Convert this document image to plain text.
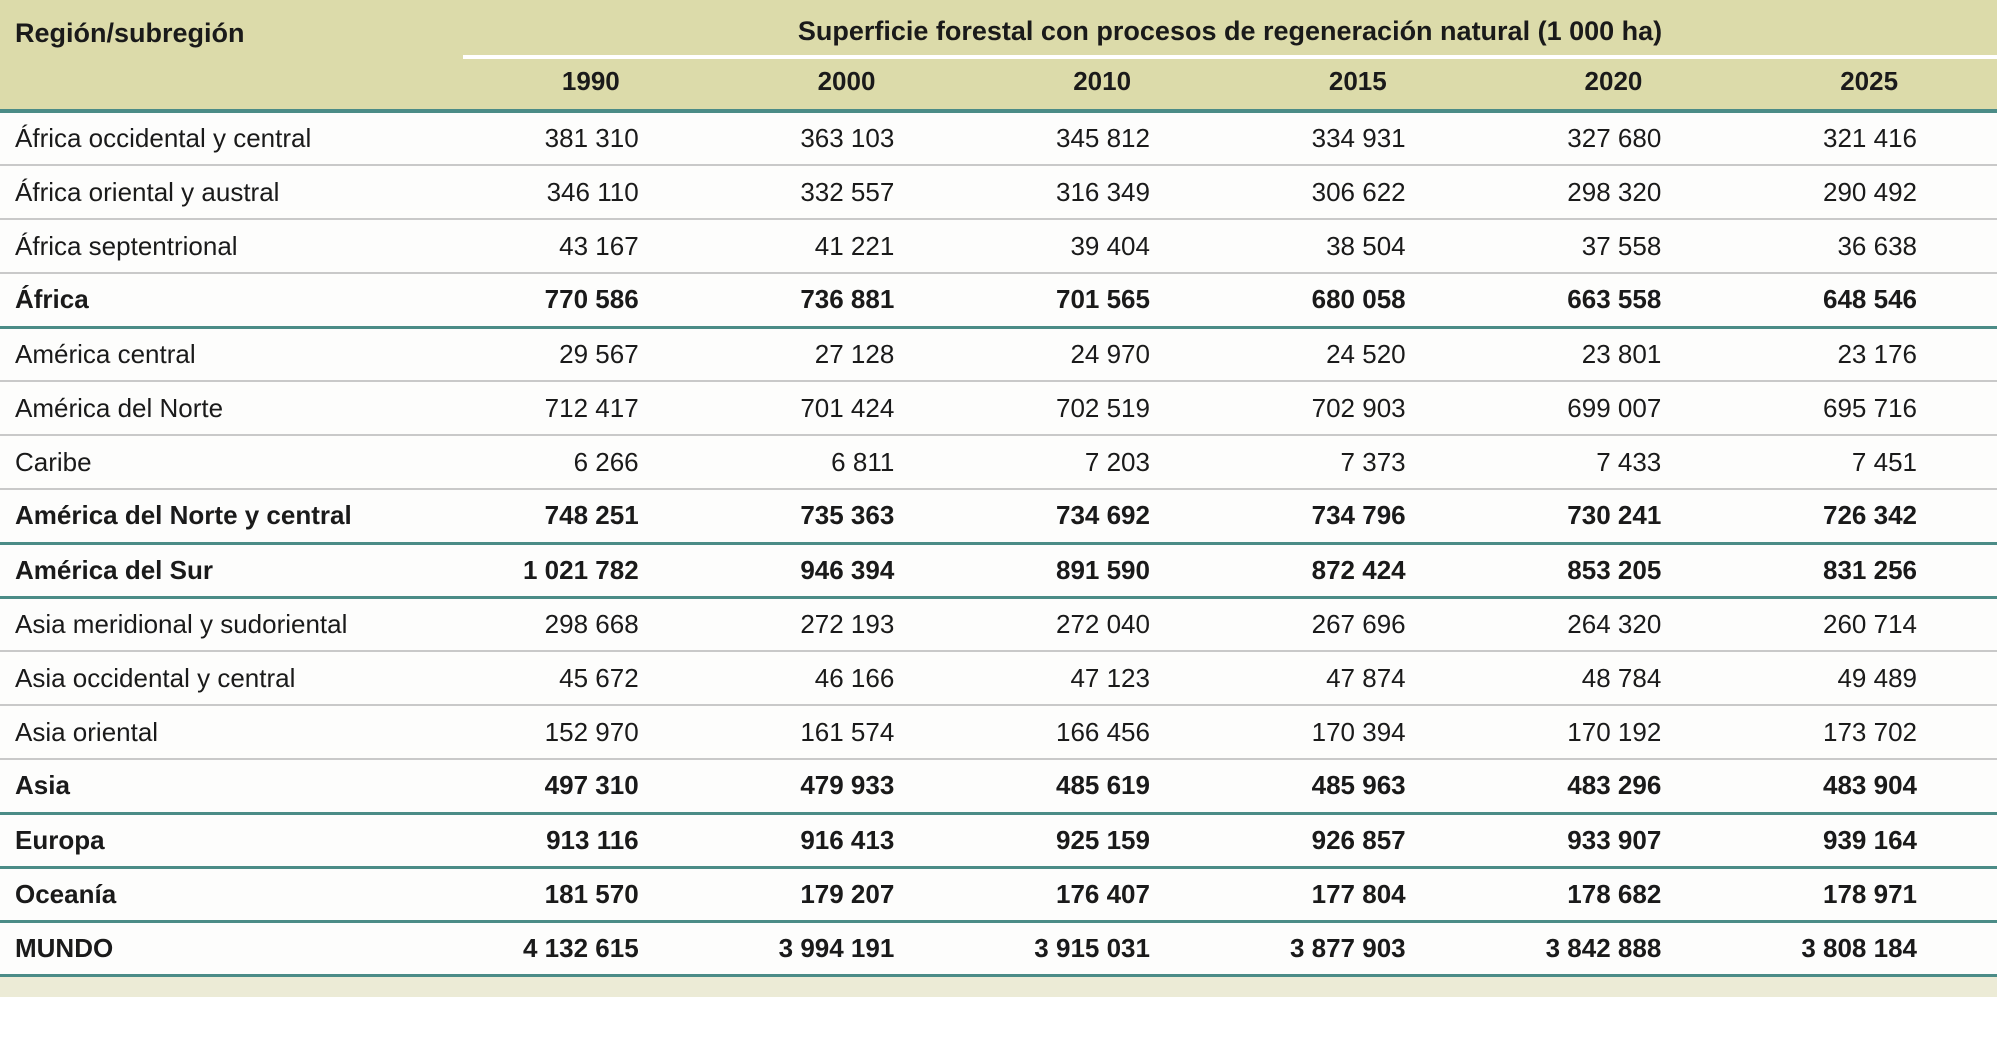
Región/subregión	Superficie forestal con procesos de regeneración natural (1 000 ha)					
	1990	2000	2010	2015	2020	2025
África occidental y central	381 310	363 103	345 812	334 931	327 680	321 416
África oriental y austral	346 110	332 557	316 349	306 622	298 320	290 492
África septentrional	43 167	41 221	39 404	38 504	37 558	36 638
África	770 586	736 881	701 565	680 058	663 558	648 546
América central	29 567	27 128	24 970	24 520	23 801	23 176
América del Norte	712 417	701 424	702 519	702 903	699 007	695 716
Caribe	6 266	6 811	7 203	7 373	7 433	7 451
América del Norte y central	748 251	735 363	734 692	734 796	730 241	726 342
América del Sur	1 021 782	946 394	891 590	872 424	853 205	831 256
Asia meridional y sudoriental	298 668	272 193	272 040	267 696	264 320	260 714
Asia occidental y central	45 672	46 166	47 123	47 874	48 784	49 489
Asia oriental	152 970	161 574	166 456	170 394	170 192	173 702
Asia	497 310	479 933	485 619	485 963	483 296	483 904
Europa	913 116	916 413	925 159	926 857	933 907	939 164
Oceanía	181 570	179 207	176 407	177 804	178 682	178 971
MUNDO	4 132 615	3 994 191	3 915 031	3 877 903	3 842 888	3 808 184
